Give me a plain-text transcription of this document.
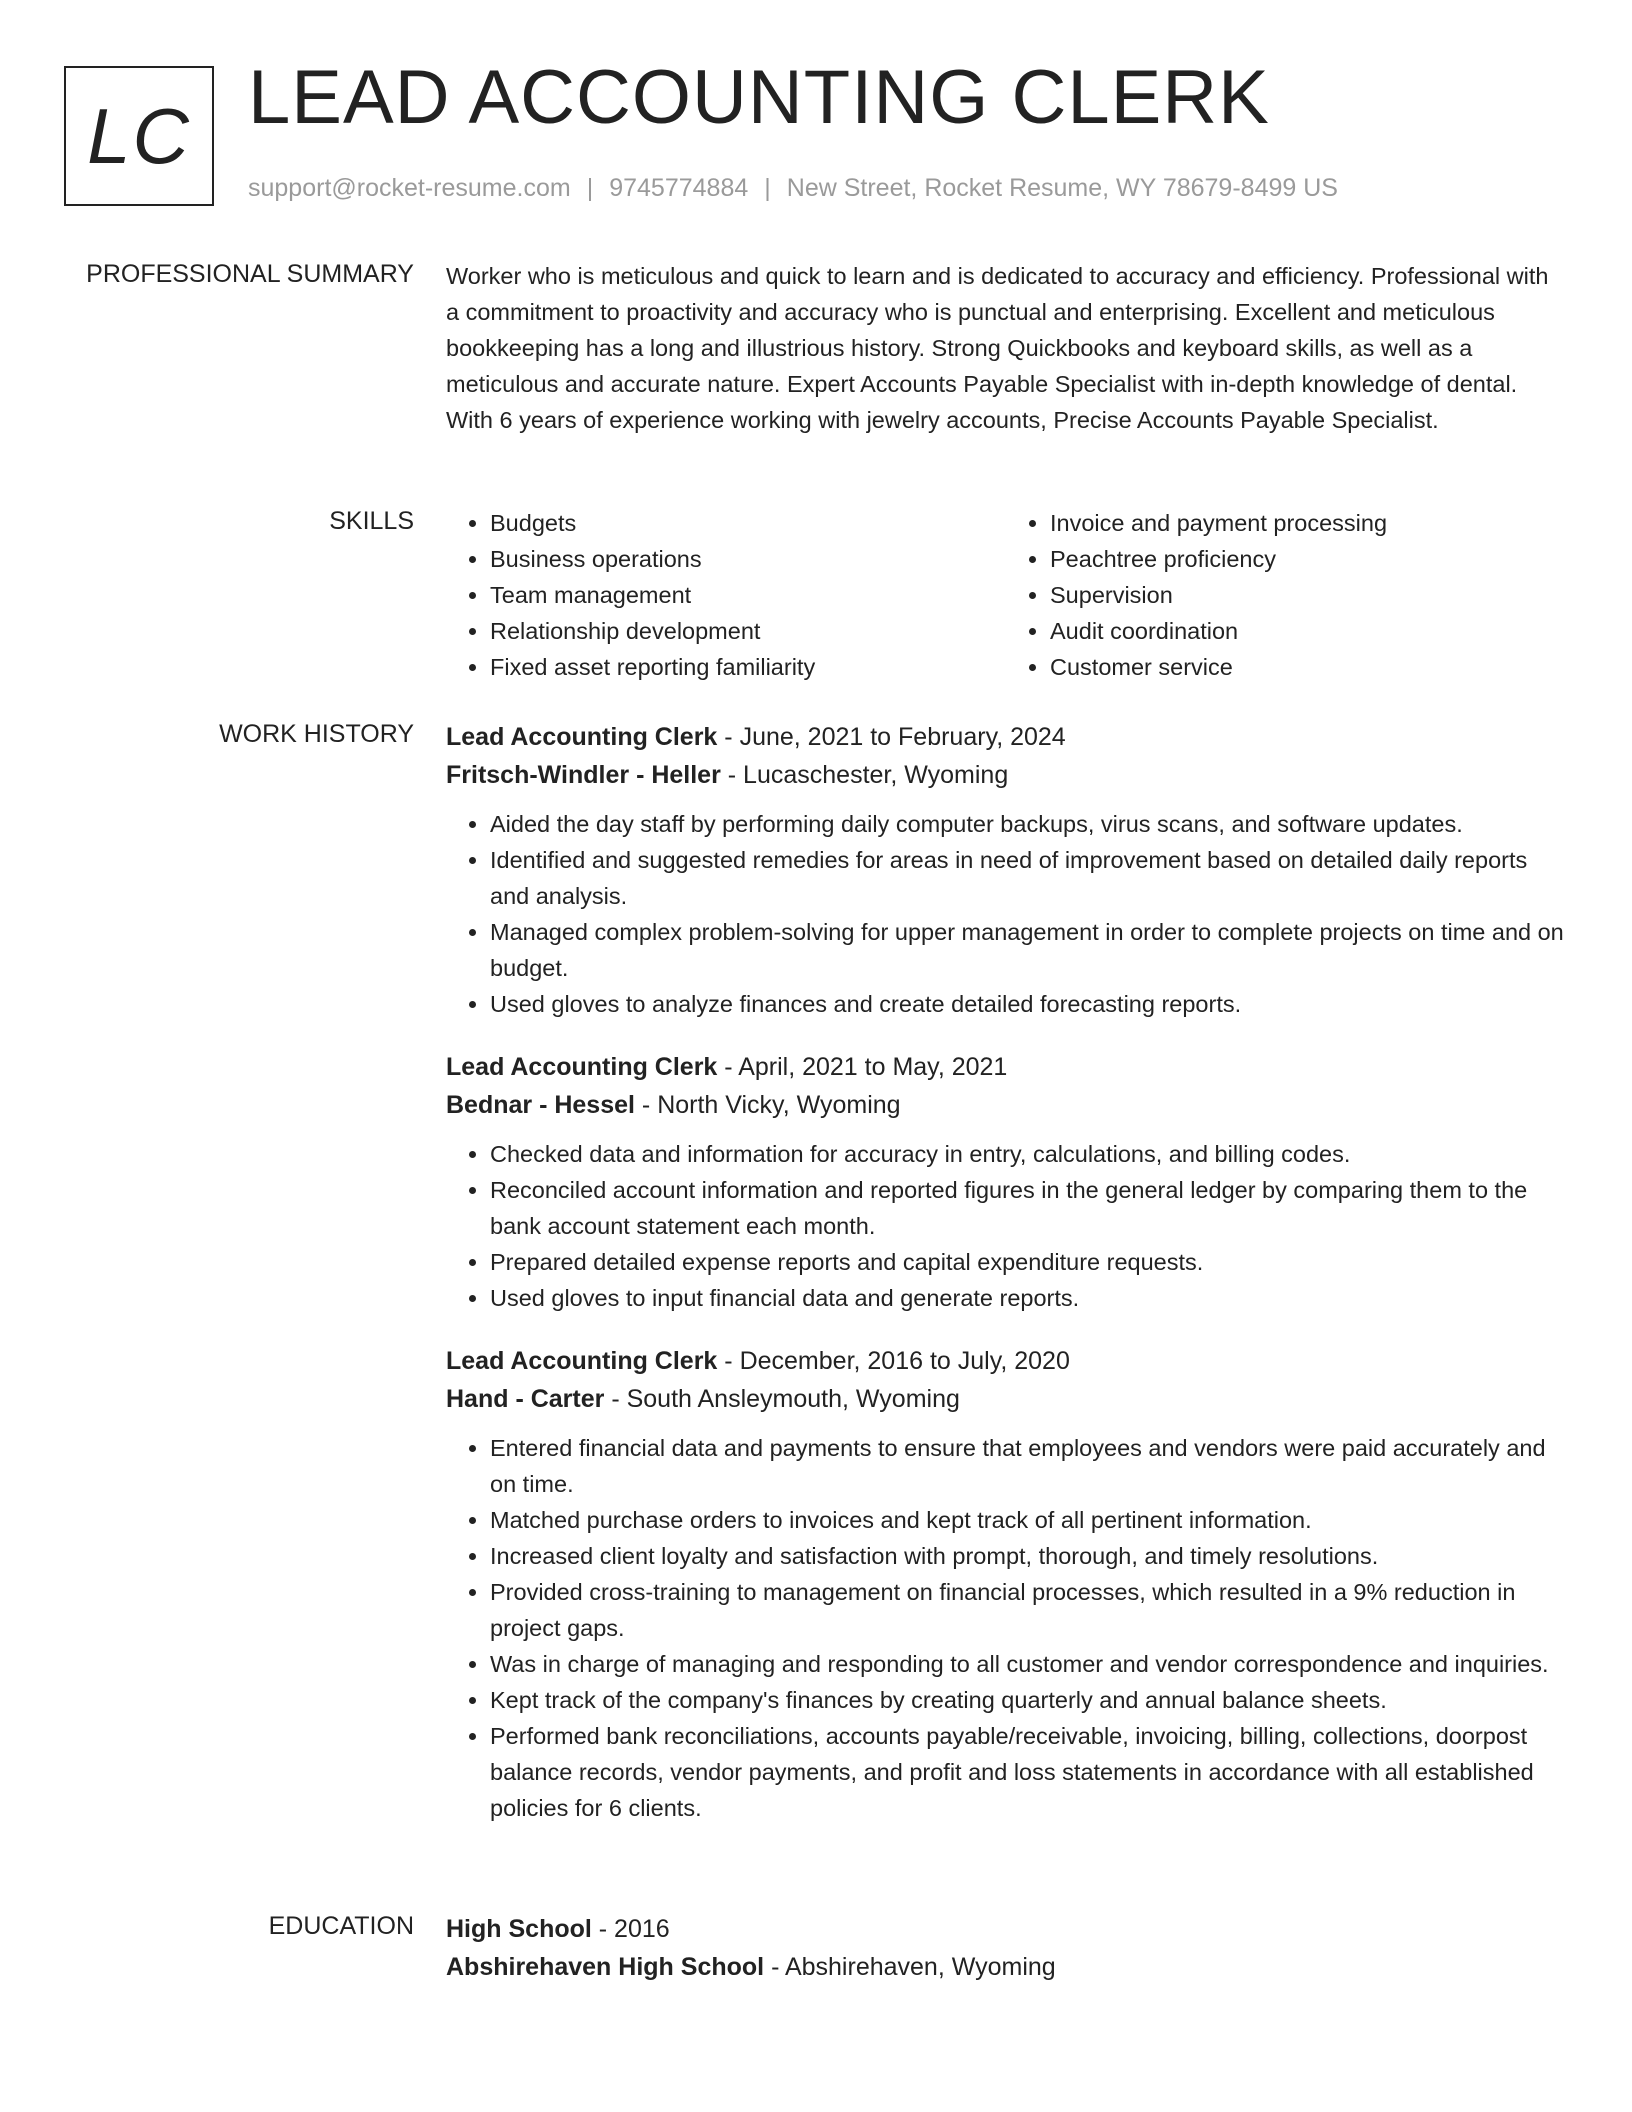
LC LEAD ACCOUNTING CLERK
support@rocket-resume.com | 9745774884 | New Street, Rocket Resume, WY 78679-8499 US
PROFESSIONAL SUMMARY Worker who is meticulous and quick to learn and is dedicated to accuracy and efficiency. Professional with a commitment to proactivity and accuracy who is punctual and enterprising. Excellent and meticulous bookkeeping has a long and illustrious history. Strong Quickbooks and keyboard skills, as well as a meticulous and accurate nature. Expert Accounts Payable Specialist with in-depth knowledge of dental. With 6 years of experience working with jewelry accounts, Precise Accounts Payable Specialist.

SKILLS
•	Budgets
• Business operations
• Team management
• Relationship development
• Fixed asset reporting familiarity
• Invoice and payment processing
• Peachtree proficiency
• Supervision
• Audit coordination
• Customer service
WORK HISTORY Lead Accounting Clerk - June, 2021 to February, 2024
Fritsch-Windler - Heller - Lucaschester, Wyoming
• Aided the day staff by performing daily computer backups, virus scans, and software updates.
• Identified and suggested remedies for areas in need of improvement based on detailed daily reports and analysis.
• Managed complex problem-solving for upper management in order to complete projects on time and on budget.
• Used gloves to analyze finances and create detailed forecasting reports.
Lead Accounting Clerk - April, 2021 to May, 2021
Bednar - Hessel - North Vicky, Wyoming
• Checked data and information for accuracy in entry, calculations, and billing codes.
• Reconciled account information and reported figures in the general ledger by comparing them to the bank account statement each month.
• Prepared detailed expense reports and capital expenditure requests.
• Used gloves to input financial data and generate reports.
Lead Accounting Clerk - December, 2016 to July, 2020
Hand - Carter - South Ansleymouth, Wyoming
• Entered financial data and payments to ensure that employees and vendors were paid accurately and on time.
• Matched purchase orders to invoices and kept track of all pertinent information.
• Increased client loyalty and satisfaction with prompt, thorough, and timely resolutions.
• Provided cross-training to management on financial processes, which resulted in a 9% reduction in project gaps.
• Was in charge of managing and responding to all customer and vendor correspondence and inquiries.
• Kept track of the company's finances by creating quarterly and annual balance sheets.
• Performed bank reconciliations, accounts payable/receivable, invoicing, billing, collections, doorpost balance records, vendor payments, and profit and loss statements in accordance with all established policies for 6 clients.
EDUCATION High School - 2016
Abshirehaven High School - Abshirehaven, Wyoming
